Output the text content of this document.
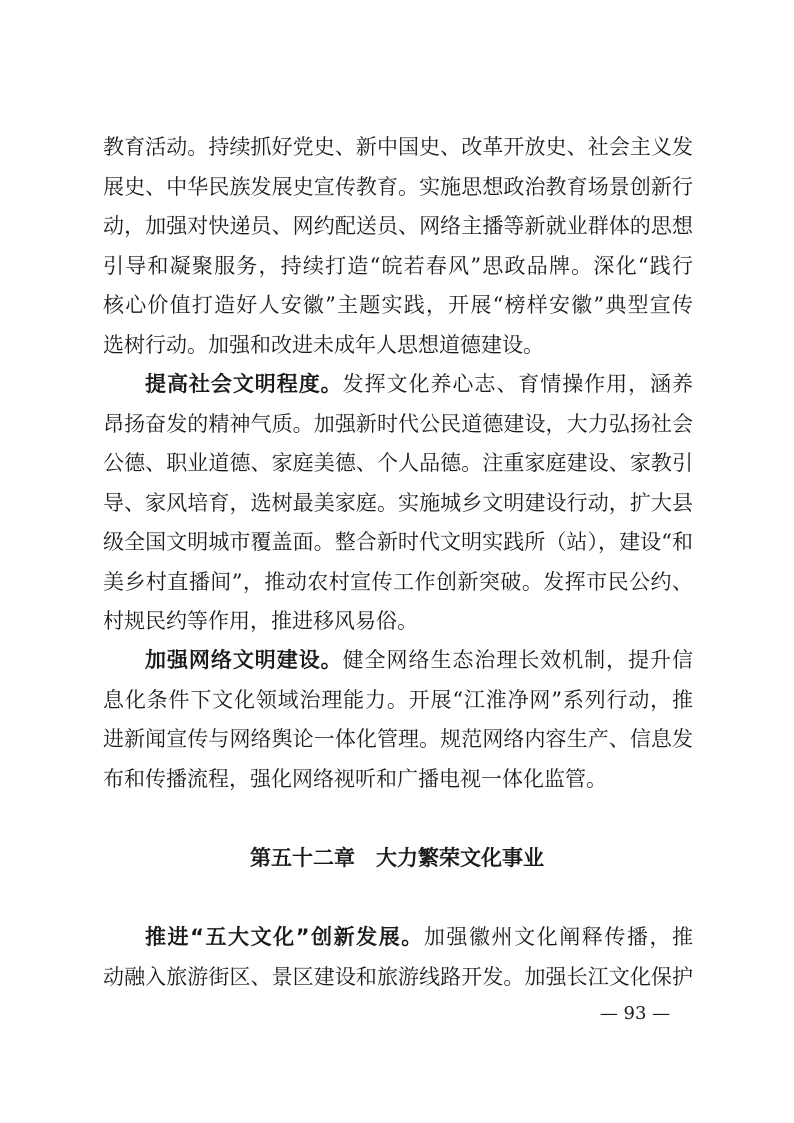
教育活动。持续抓好党史、新中国史、改革开放史、社会主义发
展史、中华民族发展史宣传教育。实施思想政治教育场景创新行
动，加强对快递员、网约配送员、网络主播等新就业群体的思想
引导和凝聚服务，持续打造“皖若春风”思政品牌。深化“践行
核心价值打造好人安徽”主题实践，开展“榜样安徽”典型宣传
选树行动。加强和改进未成年人思想道德建设。
提高社会文明程度。发挥文化养心志、育情操作用，涵养
昂扬奋发的精神气质。加强新时代公民道德建设，大力弘扬社会
公德、职业道德、家庭美德、个人品德。注重家庭建设、家教引
导、家风培育，选树最美家庭。实施城乡文明建设行动，扩大县
级全国文明城市覆盖面。整合新时代文明实践所（站），建设“和
美乡村直播间”，推动农村宣传工作创新突破。发挥市民公约、
村规民约等作用，推进移风易俗。
加强网络文明建设。健全网络生态治理长效机制，提升信
息化条件下文化领域治理能力。开展“江淮净网”系列行动，推
进新闻宣传与网络舆论一体化管理。规范网络内容生产、信息发
布和传播流程，强化网络视听和广播电视一体化监管。
第五十二章　大力繁荣文化事业
推进“五大文化”创新发展。加强徽州文化阐释传播，推
动融入旅游街区、景区建设和旅游线路开发。加强长江文化保护
— 93 —
